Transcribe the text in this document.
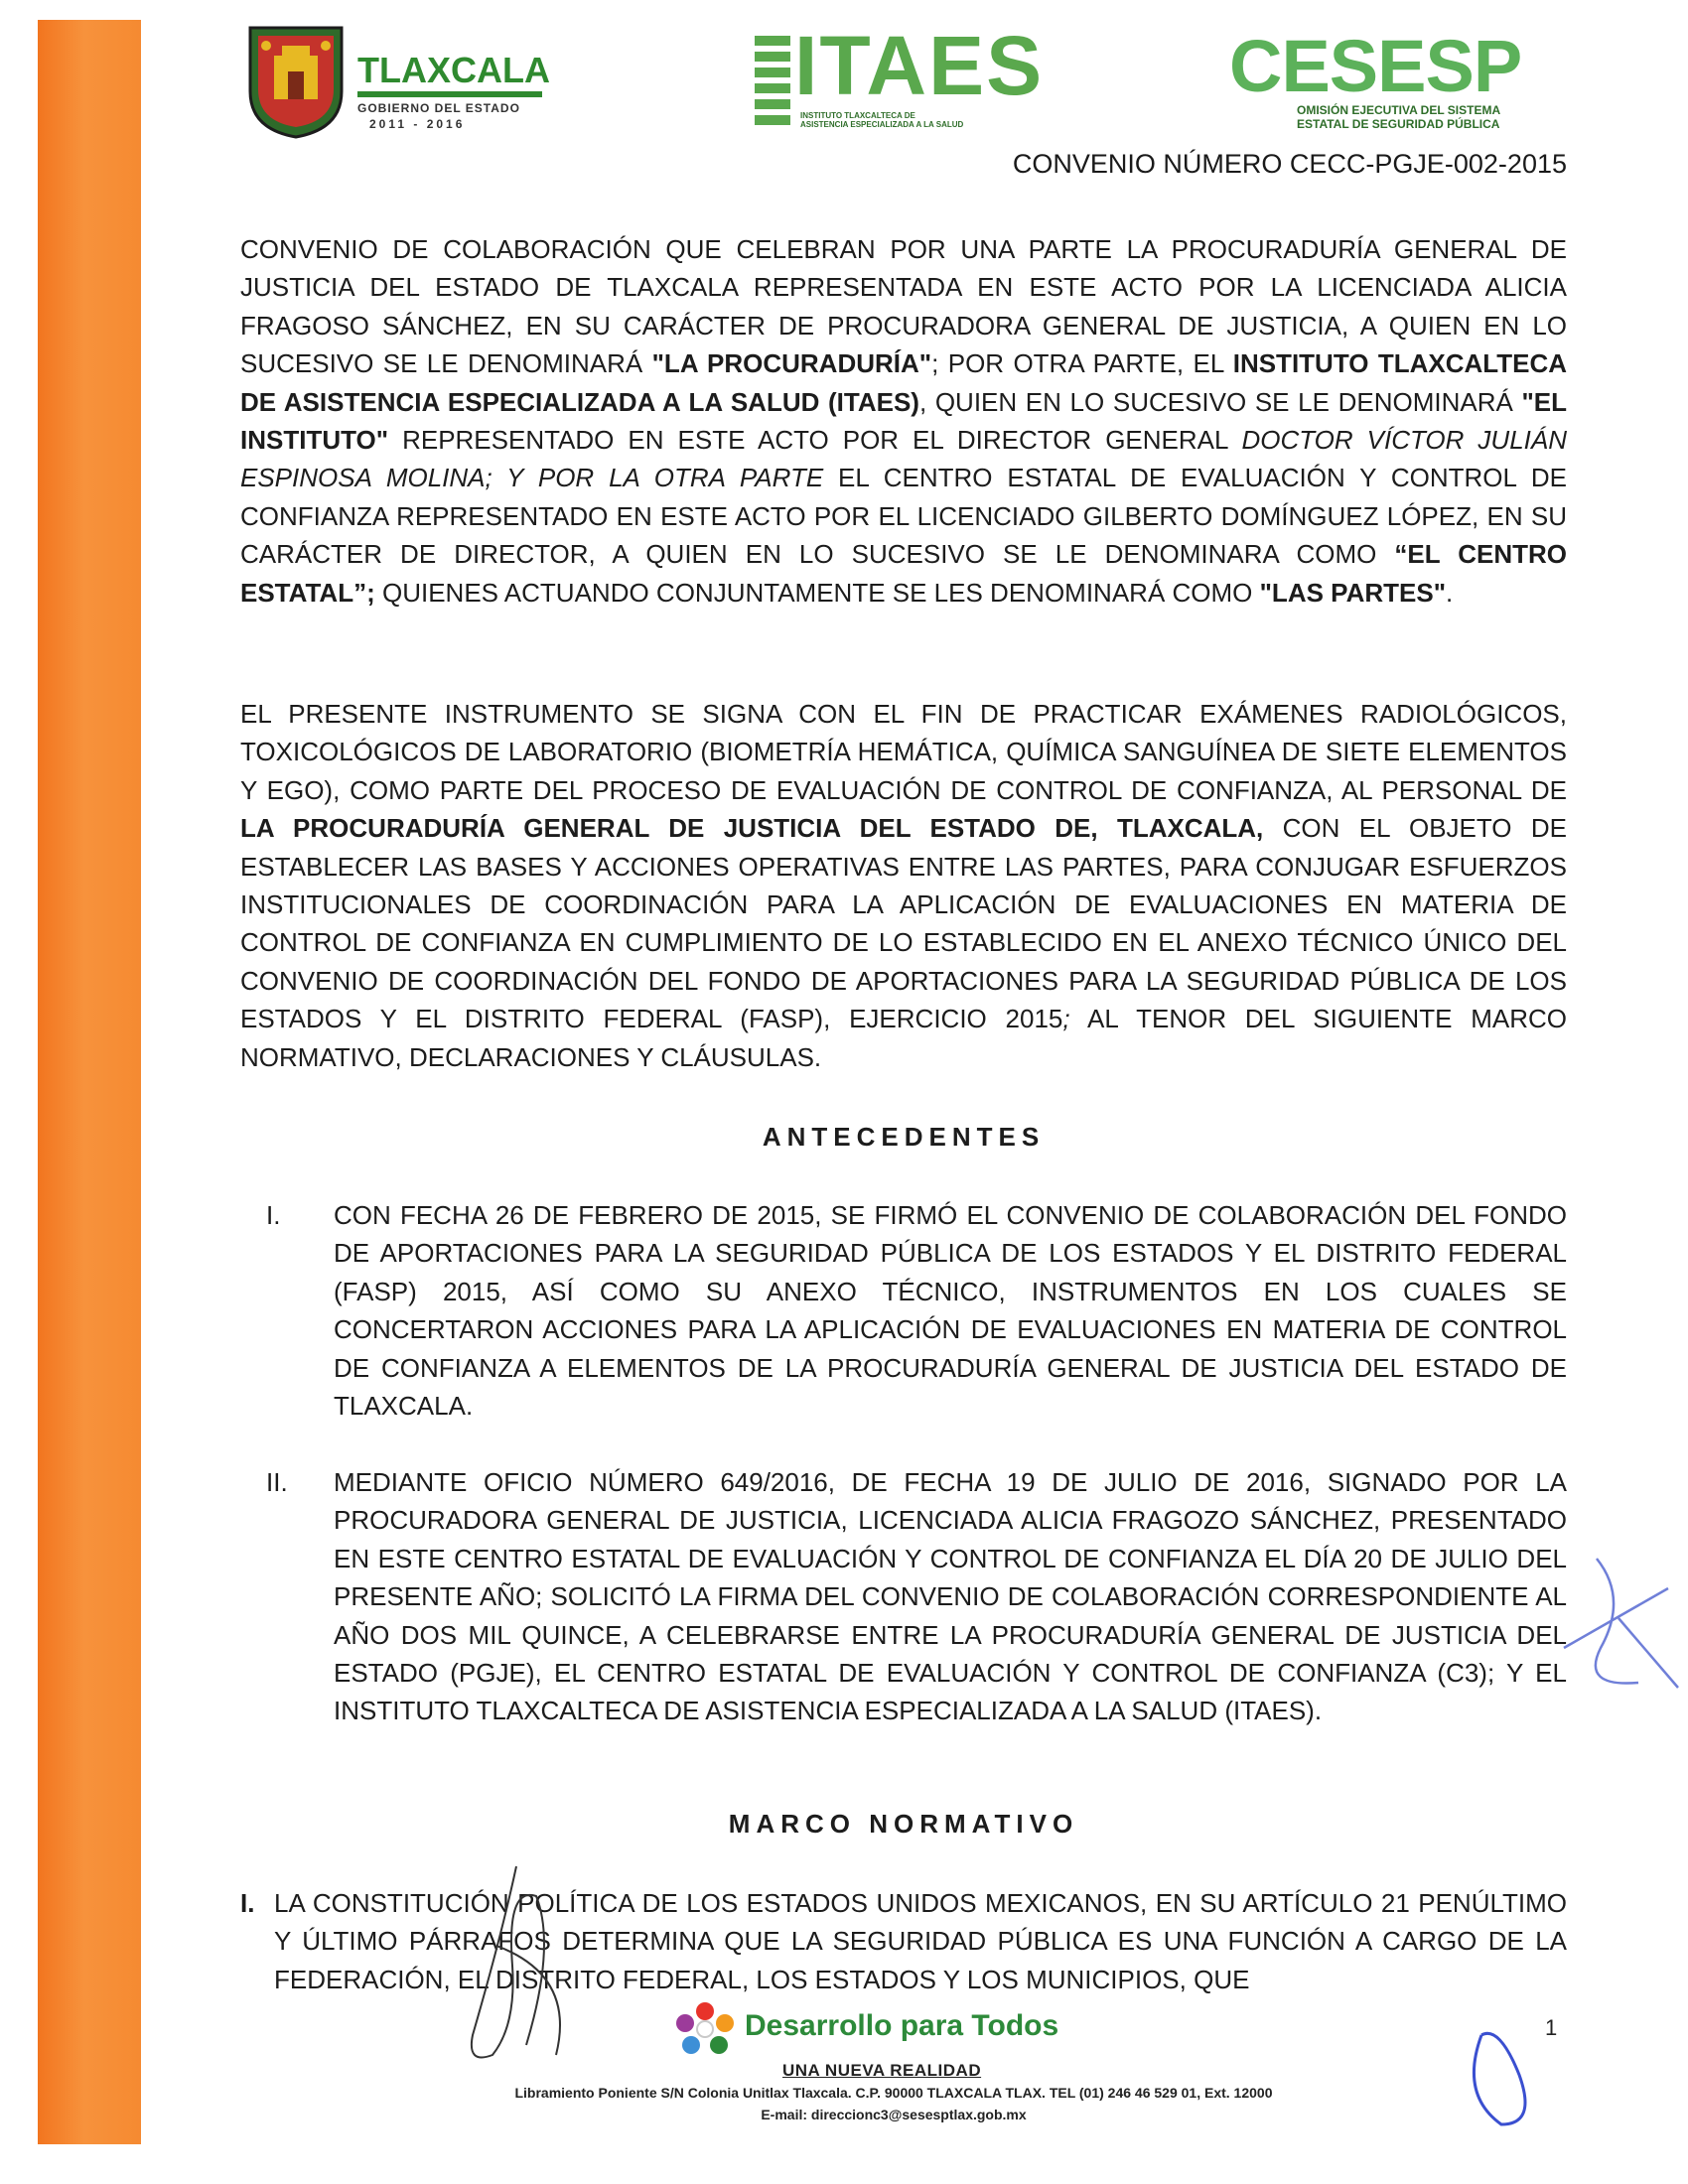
TLAXCALA
GOBIERNO DEL ESTADO
2011 - 2016
ITAES
INSTITUTO TLAXCALTECA DE
ASISTENCIA ESPECIALIZADA A LA SALUD
CESESP
OMISIÓN EJECUTIVA DEL SISTEMA
ESTATAL DE SEGURIDAD PÚBLICA
CONVENIO NÚMERO CECC-PGJE-002-2015
CONVENIO DE COLABORACIÓN QUE CELEBRAN POR UNA PARTE LA PROCURADURÍA GENERAL DE JUSTICIA DEL ESTADO DE TLAXCALA REPRESENTADA EN ESTE ACTO POR LA LICENCIADA ALICIA FRAGOSO SÁNCHEZ, EN SU CARÁCTER DE PROCURADORA GENERAL DE JUSTICIA, A QUIEN EN LO SUCESIVO SE LE DENOMINARÁ "LA PROCURADURÍA"; POR OTRA PARTE, EL INSTITUTO TLAXCALTECA DE ASISTENCIA ESPECIALIZADA A LA SALUD (ITAES), QUIEN EN LO SUCESIVO SE LE DENOMINARÁ "EL INSTITUTO" REPRESENTADO EN ESTE ACTO POR EL DIRECTOR GENERAL DOCTOR VÍCTOR JULIÁN ESPINOSA MOLINA; Y POR LA OTRA PARTE EL CENTRO ESTATAL DE EVALUACIÓN Y CONTROL DE CONFIANZA REPRESENTADO EN ESTE ACTO POR EL LICENCIADO GILBERTO DOMÍNGUEZ LÓPEZ, EN SU CARÁCTER DE DIRECTOR, A QUIEN EN LO SUCESIVO SE LE DENOMINARA COMO “EL CENTRO ESTATAL”; QUIENES ACTUANDO CONJUNTAMENTE SE LES DENOMINARÁ COMO "LAS PARTES".
EL PRESENTE INSTRUMENTO SE SIGNA CON EL FIN DE PRACTICAR EXÁMENES RADIOLÓGICOS, TOXICOLÓGICOS DE LABORATORIO (BIOMETRÍA HEMÁTICA, QUÍMICA SANGUÍNEA DE SIETE ELEMENTOS Y EGO), COMO PARTE DEL PROCESO DE EVALUACIÓN DE CONTROL DE CONFIANZA, AL PERSONAL DE LA PROCURADURÍA GENERAL DE JUSTICIA DEL ESTADO DE, TLAXCALA, CON EL OBJETO DE ESTABLECER LAS BASES Y ACCIONES OPERATIVAS ENTRE LAS PARTES, PARA CONJUGAR ESFUERZOS INSTITUCIONALES DE COORDINACIÓN PARA LA APLICACIÓN DE EVALUACIONES EN MATERIA DE CONTROL DE CONFIANZA EN CUMPLIMIENTO DE LO ESTABLECIDO EN EL ANEXO TÉCNICO ÚNICO DEL CONVENIO DE COORDINACIÓN DEL FONDO DE APORTACIONES PARA LA SEGURIDAD PÚBLICA DE LOS ESTADOS Y EL DISTRITO FEDERAL (FASP), EJERCICIO 2015; AL TENOR DEL SIGUIENTE MARCO NORMATIVO, DECLARACIONES Y CLÁUSULAS.
ANTECEDENTES
I. CON FECHA 26 DE FEBRERO DE 2015, SE FIRMÓ EL CONVENIO DE COLABORACIÓN DEL FONDO DE APORTACIONES PARA LA SEGURIDAD PÚBLICA DE LOS ESTADOS Y EL DISTRITO FEDERAL (FASP) 2015, ASÍ COMO SU ANEXO TÉCNICO, INSTRUMENTOS EN LOS CUALES SE CONCERTARON ACCIONES PARA LA APLICACIÓN DE EVALUACIONES EN MATERIA DE CONTROL DE CONFIANZA A ELEMENTOS DE LA PROCURADURÍA GENERAL DE JUSTICIA DEL ESTADO DE TLAXCALA.
II. MEDIANTE OFICIO NÚMERO 649/2016, DE FECHA 19 DE JULIO DE 2016, SIGNADO POR LA PROCURADORA GENERAL DE JUSTICIA, LICENCIADA ALICIA FRAGOZO SÁNCHEZ, PRESENTADO EN ESTE CENTRO ESTATAL DE EVALUACIÓN Y CONTROL DE CONFIANZA EL DÍA 20 DE JULIO DEL PRESENTE AÑO; SOLICITÓ LA FIRMA DEL CONVENIO DE COLABORACIÓN CORRESPONDIENTE AL AÑO DOS MIL QUINCE, A CELEBRARSE ENTRE LA PROCURADURÍA GENERAL DE JUSTICIA DEL ESTADO (PGJE), EL CENTRO ESTATAL DE EVALUACIÓN Y CONTROL DE CONFIANZA (C3); Y EL INSTITUTO TLAXCALTECA DE ASISTENCIA ESPECIALIZADA A LA SALUD (ITAES).
MARCO NORMATIVO
I. LA CONSTITUCIÓN POLÍTICA DE LOS ESTADOS UNIDOS MEXICANOS, EN SU ARTÍCULO 21 PENÚLTIMO Y ÚLTIMO PÁRRAFOS DETERMINA QUE LA SEGURIDAD PÚBLICA ES UNA FUNCIÓN A CARGO DE LA FEDERACIÓN, EL DISTRITO FEDERAL, LOS ESTADOS Y LOS MUNICIPIOS, QUE
Desarrollo para Todos
UNA NUEVA REALIDAD
Libramiento Poniente S/N Colonia Unitlax Tlaxcala. C.P. 90000 TLAXCALA TLAX. TEL (01) 246 46 529 01, Ext. 12000
E-mail: direccionc3@sesesptlax.gob.mx
1
